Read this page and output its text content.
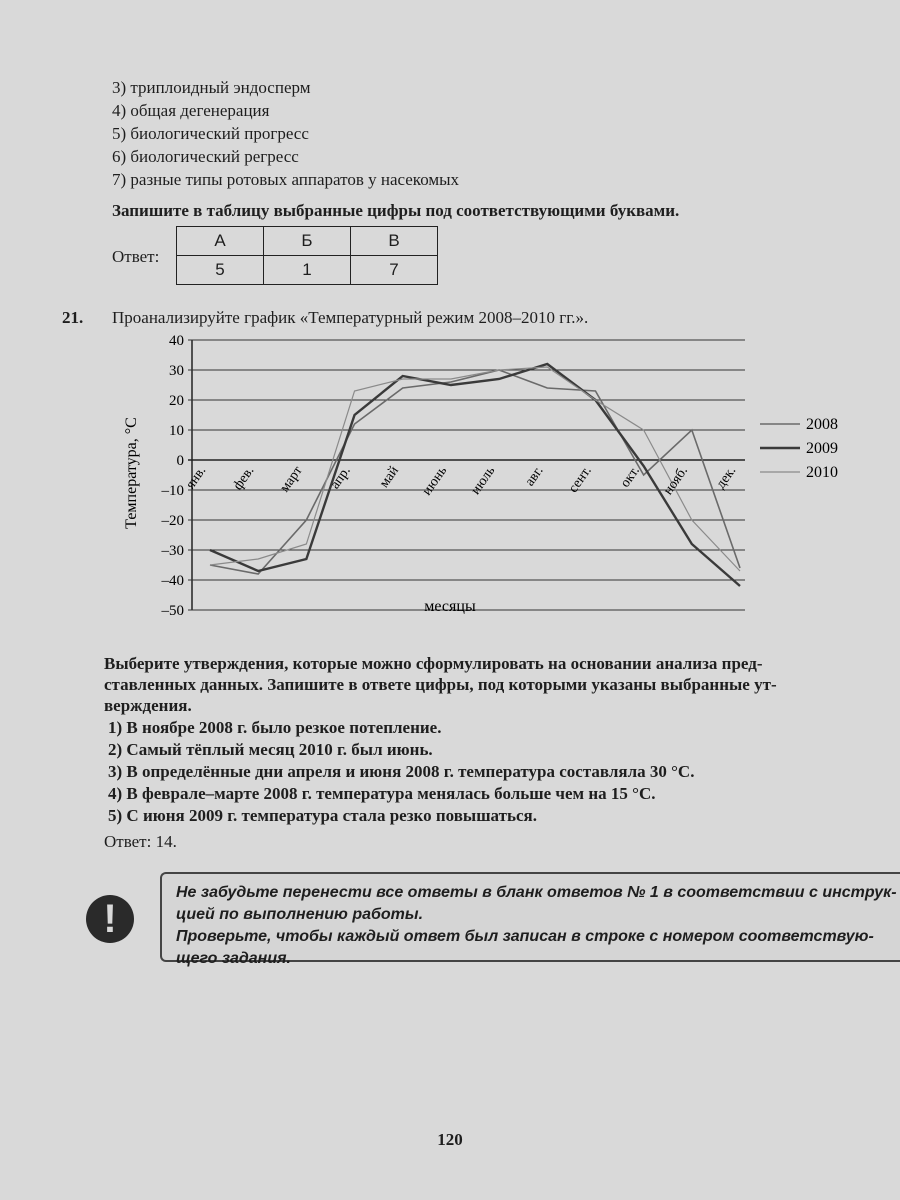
3) триплоидный эндосперм
4) общая дегенерация
5) биологический прогресс
6) биологический регресс
7) разные типы ротовых аппаратов у насекомых
Запишите в таблицу выбранные цифры под соответствующими буквами.
Ответ:
А	Б	В
5	1	7
21. Проанализируйте график «Температурный режим 2008–2010 гг.».
40
30
20
10
0
–10
–20
–30
–40
–50
янв. фев. март апр. май июнь июль авг. сент. окт. нояб. дек.
2008
2009
2010
Температура, °С
месяцы
Выберите утверждения, которые можно сформулировать на основании анализа пред-
ставленных данных. Запишите в ответе цифры, под которыми указаны выбранные ут-
верждения.
1) В ноябре 2008 г. было резкое потепление.
2) Самый тёплый месяц 2010 г. был июнь.
3) В определённые дни апреля и июня 2008 г. температура составляла 30 °С.
4) В феврале–марте 2008 г. температура менялась больше чем на 15 °С.
5) С июня 2009 г. температура стала резко повышаться.
Ответ: 14.
!
Не забудьте перенести все ответы в бланк ответов № 1 в соответствии с инструк-
цией по выполнению работы.
Проверьте, чтобы каждый ответ был записан в строке с номером соответствую-
щего задания.
120
